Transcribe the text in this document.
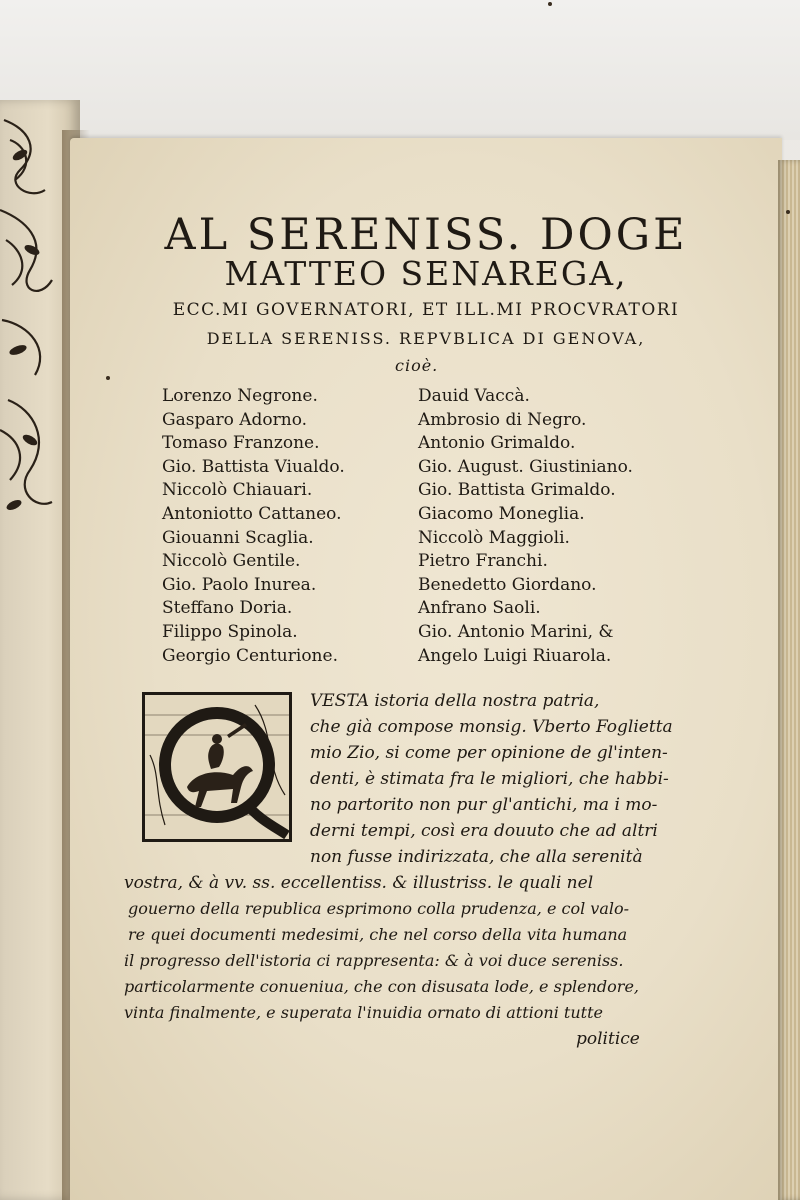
AL SERENISS. DOGE
MATTEO SENAREGA,
ECC.MI GOVERNATORI, ET ILL.MI PROCVRATORI
DELLA SERENISS. REPVBLICA DI GENOVA,
cioè.
Lorenzo Negrone.
Gasparo Adorno.
Tomaso Franzone.
Gio. Battista Viualdo.
Niccolò Chiauari.
Antoniotto Cattaneo.
Giouanni Scaglia.
Niccolò Gentile.
Gio. Paolo Inurea.
Steffano Doria.
Filippo Spinola.
Georgio Centurione.
Dauid Vaccà.
Ambrosio di Negro.
Antonio Grimaldo.
Gio. August. Giustiniano.
Gio. Battista Grimaldo.
Giacomo Moneglia.
Niccolò Maggioli.
Pietro Franchi.
Benedetto Giordano.
Anfrano Saoli.
Gio. Antonio Marini, &
Angelo Luigi Riuarola.
VESTA istoria della nostra patria,
che già compose monsig. Vberto Foglietta
mio Zio, si come per opinione de gl'inten-
denti, è stimata fra le migliori, che habbi-
no partorito non pur gl'antichi, ma i mo-
derni tempi, così era douuto che ad altri
non fusse indirizzata, che alla serenità
vostra, & à vv. ss. eccellentiss. & illustriss. le quali nel
gouerno della republica esprimono colla prudenza, e col valo-
re quei documenti medesimi, che nel corso della vita humana
il progresso dell'istoria ci rappresenta: & à voi duce sereniss.
particolarmente conueniua, che con disusata lode, e splendore,
vinta finalmente, e superata l'inuidia ornato di attioni tutte
politice
